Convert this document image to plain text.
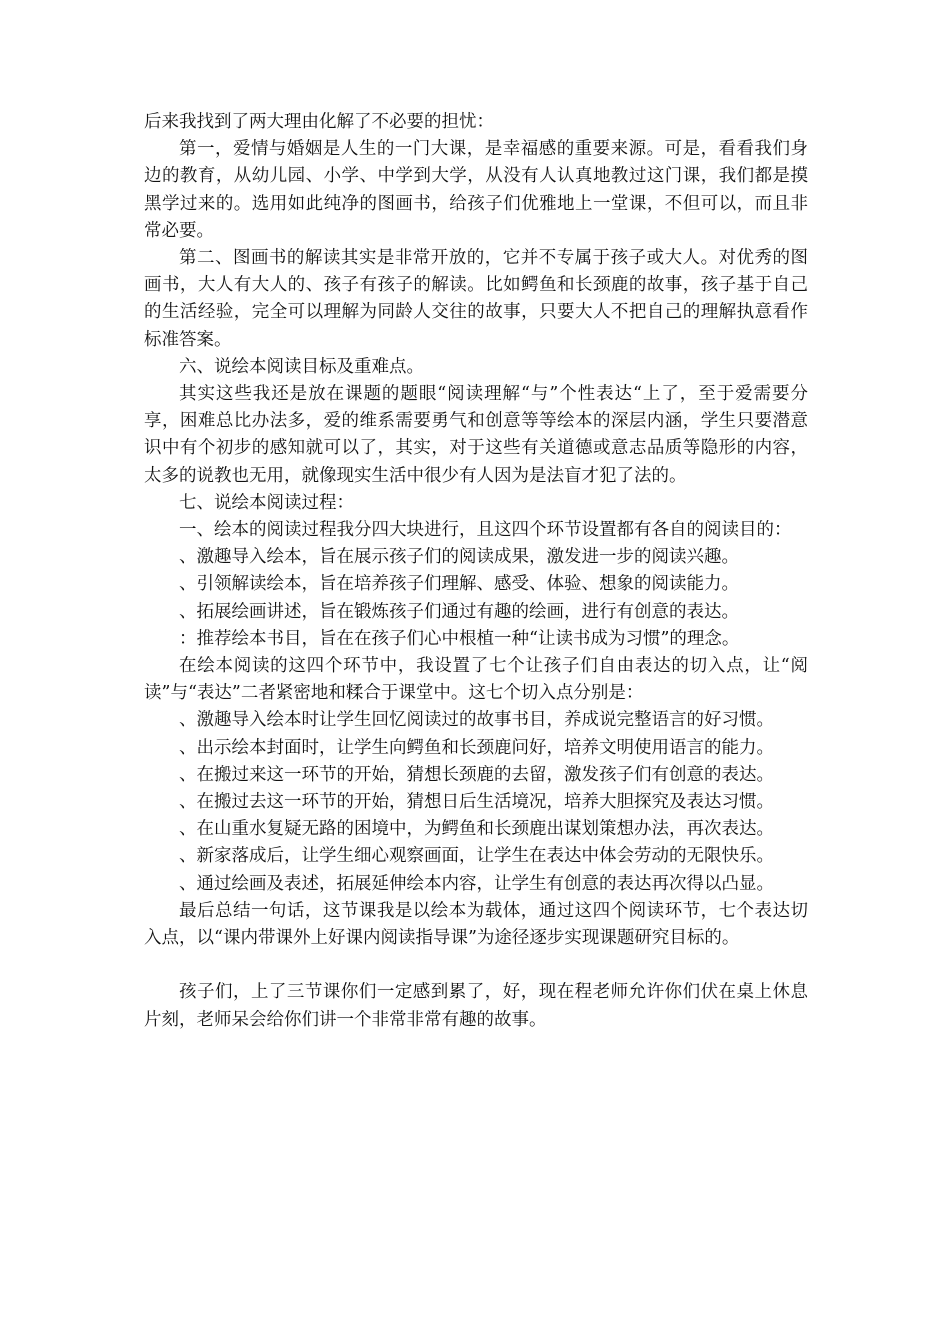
后来我找到了两大理由化解了不必要的担忧：

第一，爱情与婚姻是人生的一门大课，是幸福感的重要来源。可是，看看我们身边的教育，从幼儿园、小学、中学到大学，从没有人认真地教过这门课，我们都是摸黑学过来的。选用如此纯净的图画书，给孩子们优雅地上一堂课，不但可以，而且非常必要。

第二、图画书的解读其实是非常开放的，它并不专属于孩子或大人。对优秀的图画书，大人有大人的、孩子有孩子的解读。比如鳄鱼和长颈鹿的故事，孩子基于自己的生活经验，完全可以理解为同龄人交往的故事，只要大人不把自己的理解执意看作标准答案。

六、说绘本阅读目标及重难点。

其实这些我还是放在课题的题眼“阅读理解“与”个性表达“上了，至于爱需要分享，困难总比办法多，爱的维系需要勇气和创意等等绘本的深层内涵，学生只要潜意识中有个初步的感知就可以了，其实，对于这些有关道德或意志品质等隐形的内容，太多的说教也无用，就像现实生活中很少有人因为是法盲才犯了法的。

七、说绘本阅读过程：

一、绘本的阅读过程我分四大块进行，且这四个环节设置都有各自的阅读目的：

、激趣导入绘本，旨在展示孩子们的阅读成果，激发进一步的阅读兴趣。

、引领解读绘本，旨在培养孩子们理解、感受、体验、想象的阅读能力。

、拓展绘画讲述，旨在锻炼孩子们通过有趣的绘画，进行有创意的表达。

：推荐绘本书目，旨在在孩子们心中根植一种“让读书成为习惯”的理念。

在绘本阅读的这四个环节中，我设置了七个让孩子们自由表达的切入点，让“阅读”与“表达”二者紧密地和糅合于课堂中。这七个切入点分别是：

、激趣导入绘本时让学生回忆阅读过的故事书目，养成说完整语言的好习惯。

、出示绘本封面时，让学生向鳄鱼和长颈鹿问好，培养文明使用语言的能力。

、在搬过来这一环节的开始，猜想长颈鹿的去留，激发孩子们有创意的表达。

、在搬过去这一环节的开始，猜想日后生活境况，培养大胆探究及表达习惯。

、在山重水复疑无路的困境中，为鳄鱼和长颈鹿出谋划策想办法，再次表达。

、新家落成后，让学生细心观察画面，让学生在表达中体会劳动的无限快乐。

、通过绘画及表述，拓展延伸绘本内容，让学生有创意的表达再次得以凸显。

最后总结一句话，这节课我是以绘本为载体，通过这四个阅读环节，七个表达切入点，以“课内带课外上好课内阅读指导课”为途径逐步实现课题研究目标的。

孩子们，上了三节课你们一定感到累了，好，现在程老师允许你们伏在桌上休息片刻，老师呆会给你们讲一个非常非常有趣的故事。
